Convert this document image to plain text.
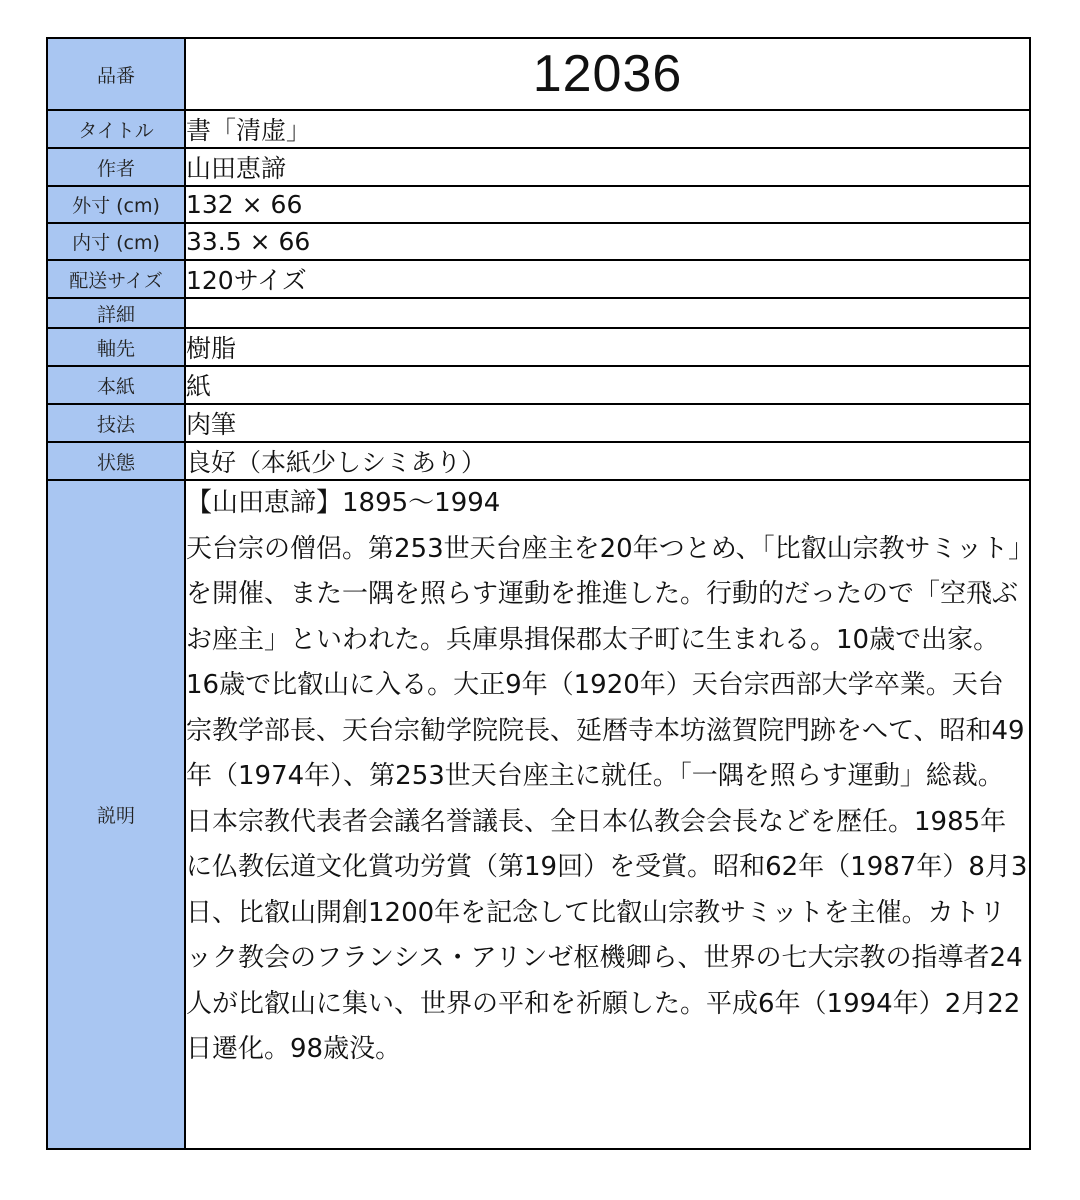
品番	12036
タイトル	書「清虚」
作者	山田恵諦
外寸 (cm)	132 × 66
内寸 (cm)	33.5 × 66
配送サイズ	120サイズ
詳細	
軸先	樹脂
本紙	紙
技法	肉筆
状態	良好（本紙少しシミあり）
説明	【山田恵諦】1895〜1994
天台宗の僧侶。第253世天台座主を20年つとめ、「比叡山宗教サミット」を開催、また一隅を照らす運動を推進した。行動的だったので「空飛ぶお座主」といわれた。兵庫県揖保郡太子町に生まれる。10歳で出家。16歳で比叡山に入る。大正9年（1920年）天台宗西部大学卒業。天台宗教学部長、天台宗勧学院院長、延暦寺本坊滋賀院門跡をへて、昭和49年（1974年）、第253世天台座主に就任。「一隅を照らす運動」総裁。日本宗教代表者会議名誉議長、全日本仏教会会長などを歴任。1985年に仏教伝道文化賞功労賞（第19回）を受賞。昭和62年（1987年）8月3日、比叡山開創1200年を記念して比叡山宗教サミットを主催。カトリック教会のフランシス・アリンゼ枢機卿ら、世界の七大宗教の指導者24人が比叡山に集い、世界の平和を祈願した。平成6年（1994年）2月22日遷化。98歳没。
